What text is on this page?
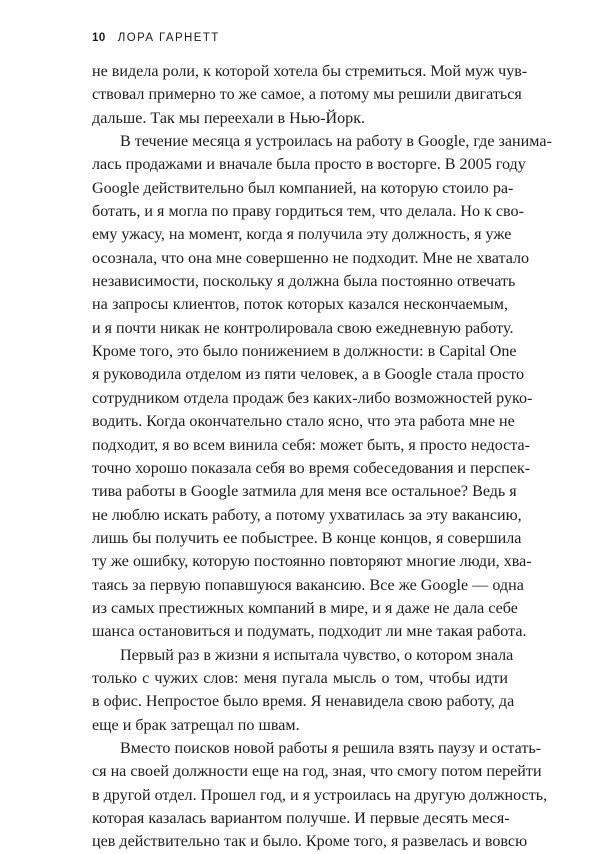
10 ЛОРА ГАРНЕТТ
не видела роли, к которой хотела бы стремиться. Мой муж чув-
ствовал примерно то же самое, а потому мы решили двигаться
дальше. Так мы переехали в Нью-Йорк.
В течение месяца я устроилась на работу в Google, где занима-
лась продажами и вначале была просто в восторге. В 2005 году
Google действительно был компанией, на которую стоило ра-
ботать, и я могла по праву гордиться тем, что делала. Но к сво-
ему ужасу, на момент, когда я получила эту должность, я уже
осознала, что она мне совершенно не подходит. Мне не хватало
независимости, поскольку я должна была постоянно отвечать
на запросы клиентов, поток которых казался нескончаемым,
и я почти никак не контролировала свою ежедневную работу.
Кроме того, это было понижением в должности: в Capital One
я руководила отделом из пяти человек, а в Google стала просто
сотрудником отдела продаж без каких-либо возможностей руко-
водить. Когда окончательно стало ясно, что эта работа мне не
подходит, я во всем винила себя: может быть, я просто недоста-
точно хорошо показала себя во время собеседования и перспек-
тива работы в Google затмила для меня все остальное? Ведь я
не люблю искать работу, а потому ухватилась за эту вакансию,
лишь бы получить ее побыстрее. В конце концов, я совершила
ту же ошибку, которую постоянно повторяют многие люди, хва-
таясь за первую попавшуюся вакансию. Все же Google — одна
из самых престижных компаний в мире, и я даже не дала себе
шанса остановиться и подумать, подходит ли мне такая работа.
Первый раз в жизни я испытала чувство, о котором знала
только с чужих слов: меня пугала мысль о том, чтобы идти
в офис. Непростое было время. Я ненавидела свою работу, да
еще и брак затрещал по швам.
Вместо поисков новой работы я решила взять паузу и остать-
ся на своей должности еще на год, зная, что смогу потом перейти
в другой отдел. Прошел год, и я устроилась на другую должность,
которая казалась вариантом получше. И первые десять меся-
цев действительно так и было. Кроме того, я развелась и вовсю
